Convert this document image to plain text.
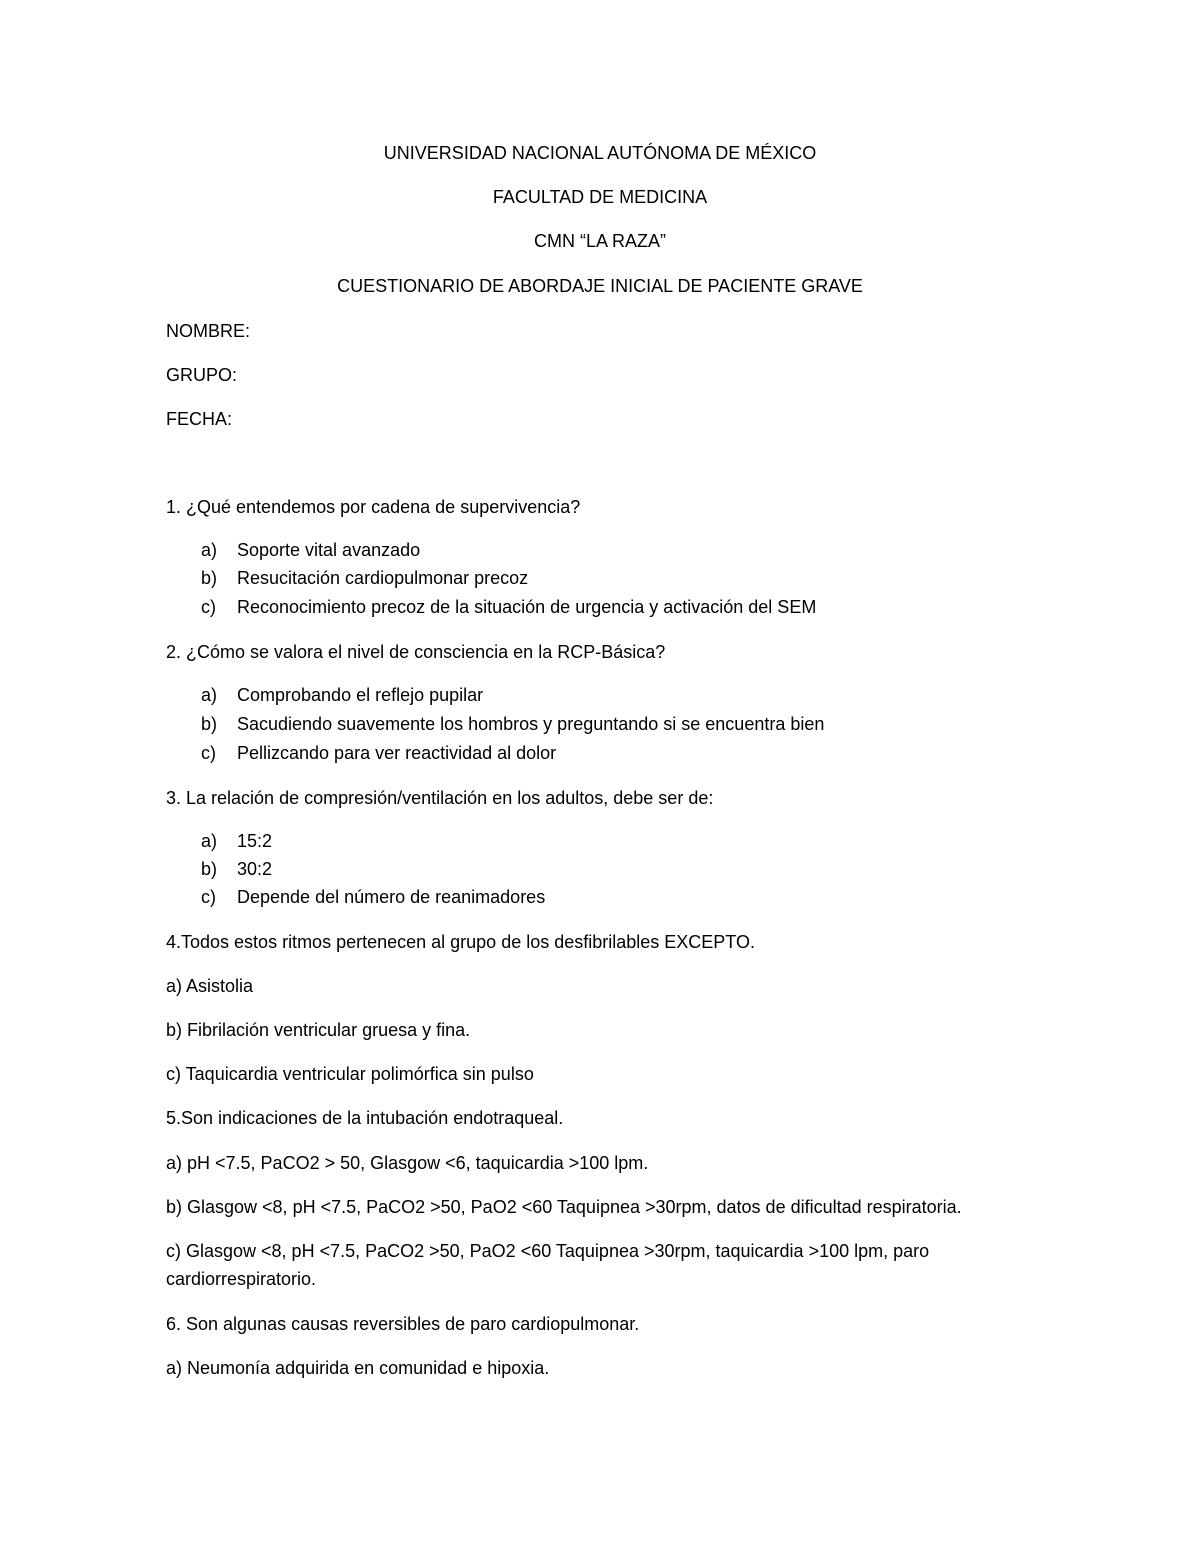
UNIVERSIDAD NACIONAL AUTÓNOMA DE MÉXICO
FACULTAD DE MEDICINA
CMN “LA RAZA”
CUESTIONARIO DE ABORDAJE INICIAL DE PACIENTE GRAVE
NOMBRE:
GRUPO:
FECHA:
1. ¿Qué entendemos por cadena de supervivencia?
a) Soporte vital avanzado
b) Resucitación cardiopulmonar precoz
c) Reconocimiento precoz de la situación de urgencia y activación del SEM
2. ¿Cómo se valora el nivel de consciencia en la RCP-Básica?
a) Comprobando el reflejo pupilar
b) Sacudiendo suavemente los hombros y preguntando si se encuentra bien
c) Pellizcando para ver reactividad al dolor
3. La relación de compresión/ventilación en los adultos, debe ser de:
a) 15:2
b) 30:2
c) Depende del número de reanimadores
4.Todos estos ritmos pertenecen al grupo de los desfibrilables EXCEPTO.
a) Asistolia
b) Fibrilación ventricular gruesa y fina.
c) Taquicardia ventricular polimórfica sin pulso
5.Son indicaciones de la intubación endotraqueal.
a) pH <7.5, PaCO2 > 50, Glasgow <6, taquicardia >100 lpm.
b) Glasgow <8, pH <7.5, PaCO2 >50, PaO2 <60 Taquipnea >30rpm, datos de dificultad respiratoria.
c) Glasgow <8, pH <7.5, PaCO2 >50, PaO2 <60 Taquipnea >30rpm, taquicardia >100 lpm, paro
cardiorrespiratorio.
6. Son algunas causas reversibles de paro cardiopulmonar.
a) Neumonía adquirida en comunidad e hipoxia.
